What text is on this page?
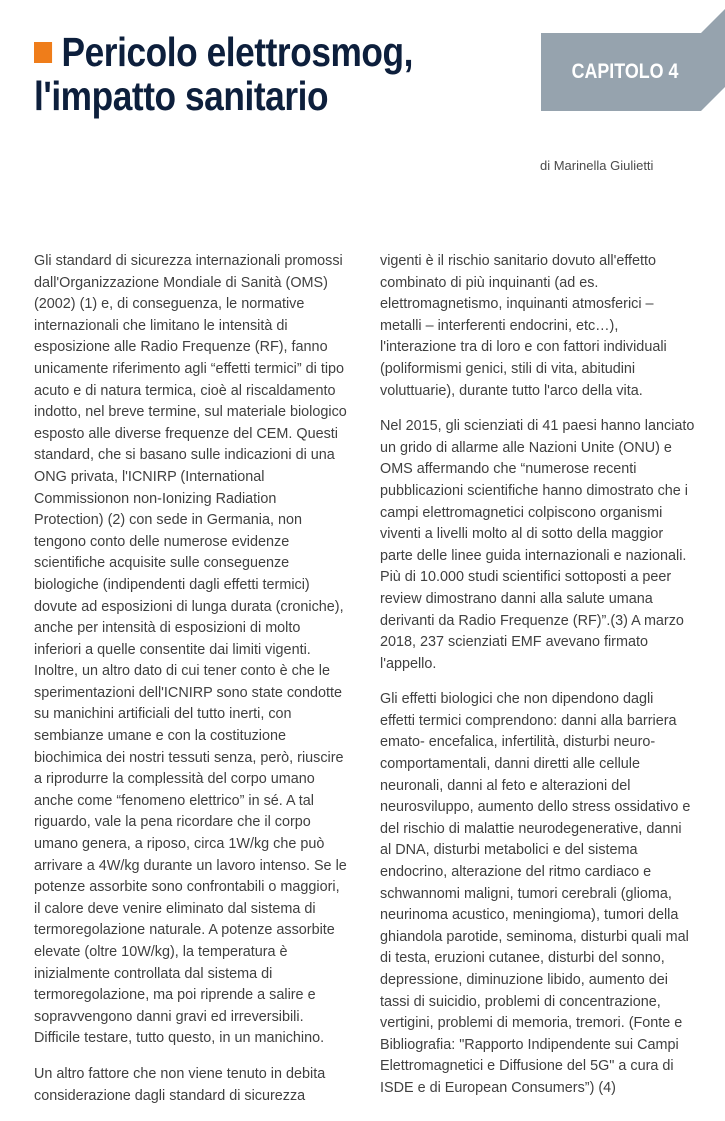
Pericolo elettrosmog,
l'impatto sanitario
CAPITOLO 4
di Marinella Giulietti

Gli standard di sicurezza internazionali promossi
dall'Organizzazione Mondiale di Sanità (OMS)
(2002) (1) e, di conseguenza, le normative
internazionali che limitano le intensità di
esposizione alle Radio Frequenze (RF), fanno
unicamente riferimento agli “effetti termici” di tipo
acuto e di natura termica, cioè al riscaldamento
indotto, nel breve termine, sul materiale biologico
esposto alle diverse frequenze del CEM. Questi
standard, che si basano sulle indicazioni di una
ONG privata, l'ICNIRP (International
Commissionon non-Ionizing Radiation
Protection) (2) con sede in Germania, non
tengono conto delle numerose evidenze
scientifiche acquisite sulle conseguenze
biologiche (indipendenti dagli effetti termici)
dovute ad esposizioni di lunga durata (croniche),
anche per intensità di esposizioni di molto
inferiori a quelle consentite dai limiti vigenti.
Inoltre, un altro dato di cui tener conto è che le
sperimentazioni dell'ICNIRP sono state condotte
su manichini artificiali del tutto inerti, con
sembianze umane e con la costituzione
biochimica dei nostri tessuti senza, però, riuscire
a riprodurre la complessità del corpo umano
anche come “fenomeno elettrico” in sé. A tal
riguardo, vale la pena ricordare che il corpo
umano genera, a riposo, circa 1W/kg che può
arrivare a 4W/kg durante un lavoro intenso. Se le
potenze assorbite sono confrontabili o maggiori,
il calore deve venire eliminato dal sistema di
termoregolazione naturale. A potenze assorbite
elevate (oltre 10W/kg), la temperatura è
inizialmente controllata dal sistema di
termoregolazione, ma poi riprende a salire e
sopravvengono danni gravi ed irreversibili.
Difficile testare, tutto questo, in un manichino.

Un altro fattore che non viene tenuto in debita
considerazione dagli standard di sicurezza

vigenti è il rischio sanitario dovuto all'effetto
combinato di più inquinanti (ad es.
elettromagnetismo, inquinanti atmosferici –
metalli – interferenti endocrini, etc…),
l'interazione tra di loro e con fattori individuali
(poliformismi genici, stili di vita, abitudini
voluttuarie), durante tutto l'arco della vita.

Nel 2015, gli scienziati di 41 paesi hanno lanciato
un grido di allarme alle Nazioni Unite (ONU) e
OMS affermando che “numerose recenti
pubblicazioni scientifiche hanno dimostrato che i
campi elettromagnetici colpiscono organismi
viventi a livelli molto al di sotto della maggior
parte delle linee guida internazionali e nazionali.
Più di 10.000 studi scientifici sottoposti a peer
review dimostrano danni alla salute umana
derivanti da Radio Frequenze (RF)”.(3) A marzo
2018, 237 scienziati EMF avevano firmato
l'appello.

Gli effetti biologici che non dipendono dagli
effetti termici comprendono: danni alla barriera
emato- encefalica, infertilità, disturbi neuro-
comportamentali, danni diretti alle cellule
neuronali, danni al feto e alterazioni del
neurosviluppo, aumento dello stress ossidativo e
del rischio di malattie neurodegenerative, danni
al DNA, disturbi metabolici e del sistema
endocrino, alterazione del ritmo cardiaco e
schwannomi maligni, tumori cerebrali (glioma,
neurinoma acustico, meningioma), tumori della
ghiandola parotide, seminoma, disturbi quali mal
di testa, eruzioni cutanee, disturbi del sonno,
depressione, diminuzione libido, aumento dei
tassi di suicidio, problemi di concentrazione,
vertigini, problemi di memoria, tremori. (Fonte e
Bibliografia: "Rapporto Indipendente sui Campi
Elettromagnetici e Diffusione del 5G" a cura di
ISDE e di European Consumers”) (4)
